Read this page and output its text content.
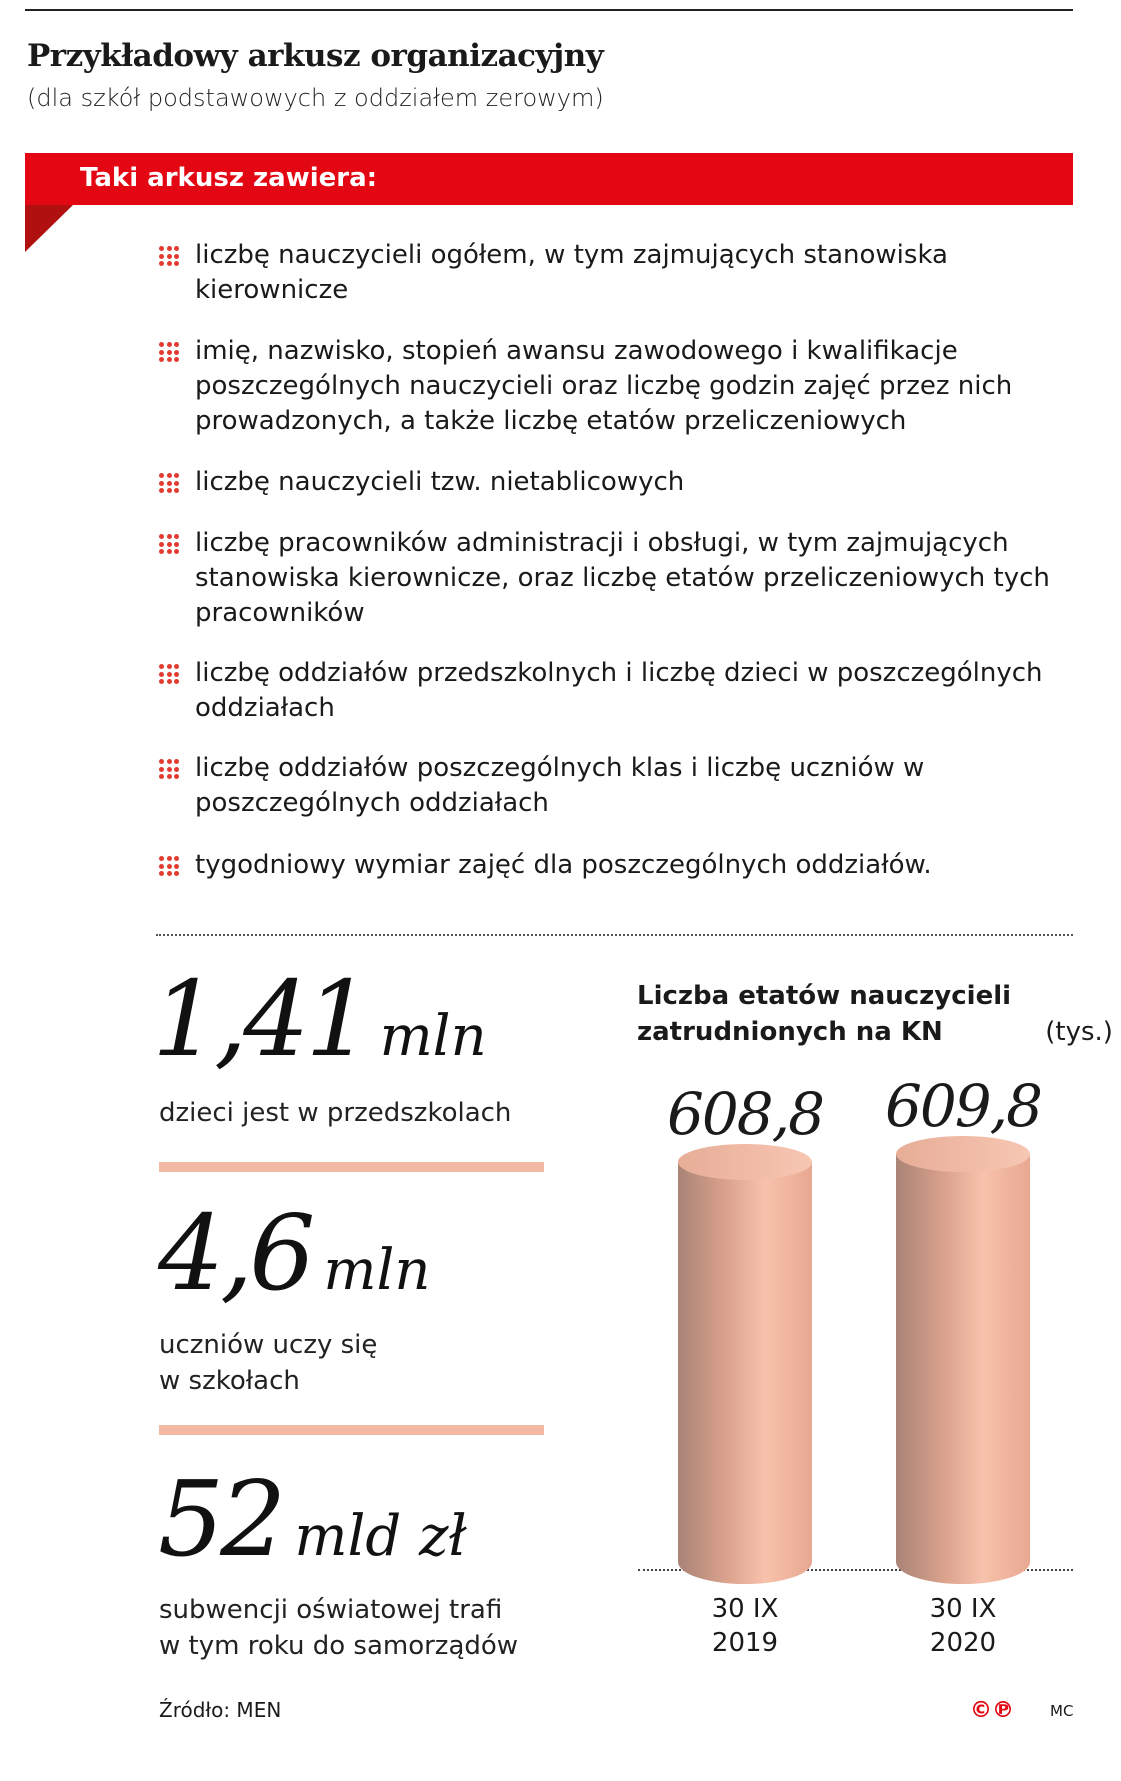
Przykładowy arkusz organizacyjny
(dla szkół podstawowych z oddziałem zerowym)
Taki arkusz zawiera:
liczbę nauczycieli ogółem, w tym zajmujących stanowiska kierownicze
imię, nazwisko, stopień awansu zawodowego i kwalifikacje poszczególnych nauczycieli oraz liczbę godzin zajęć przez nich prowadzonych, a także liczbę etatów przeliczeniowych
liczbę nauczycieli tzw. nietablicowych
liczbę pracowników administracji i obsługi, w tym zajmujących stanowiska kierownicze, oraz liczbę etatów przeliczeniowych tych pracowników
liczbę oddziałów przedszkolnych i liczbę dzieci w poszczególnych oddziałach
liczbę oddziałów poszczególnych klas i liczbę uczniów w poszczególnych oddziałach
tygodniowy wymiar zajęć dla poszczególnych oddziałów.
1,41 mln
dzieci jest w przedszkolach
4,6 mln
uczniów uczy się
w szkołach
52 mld zł
subwencji oświatowej trafi
w tym roku do samorządów
Liczba etatów nauczycieli zatrudnionych na KN	(tys.)
608,8
30 IX
2019
609,8
30 IX
2020
Źródło: MEN	©℗ MC
